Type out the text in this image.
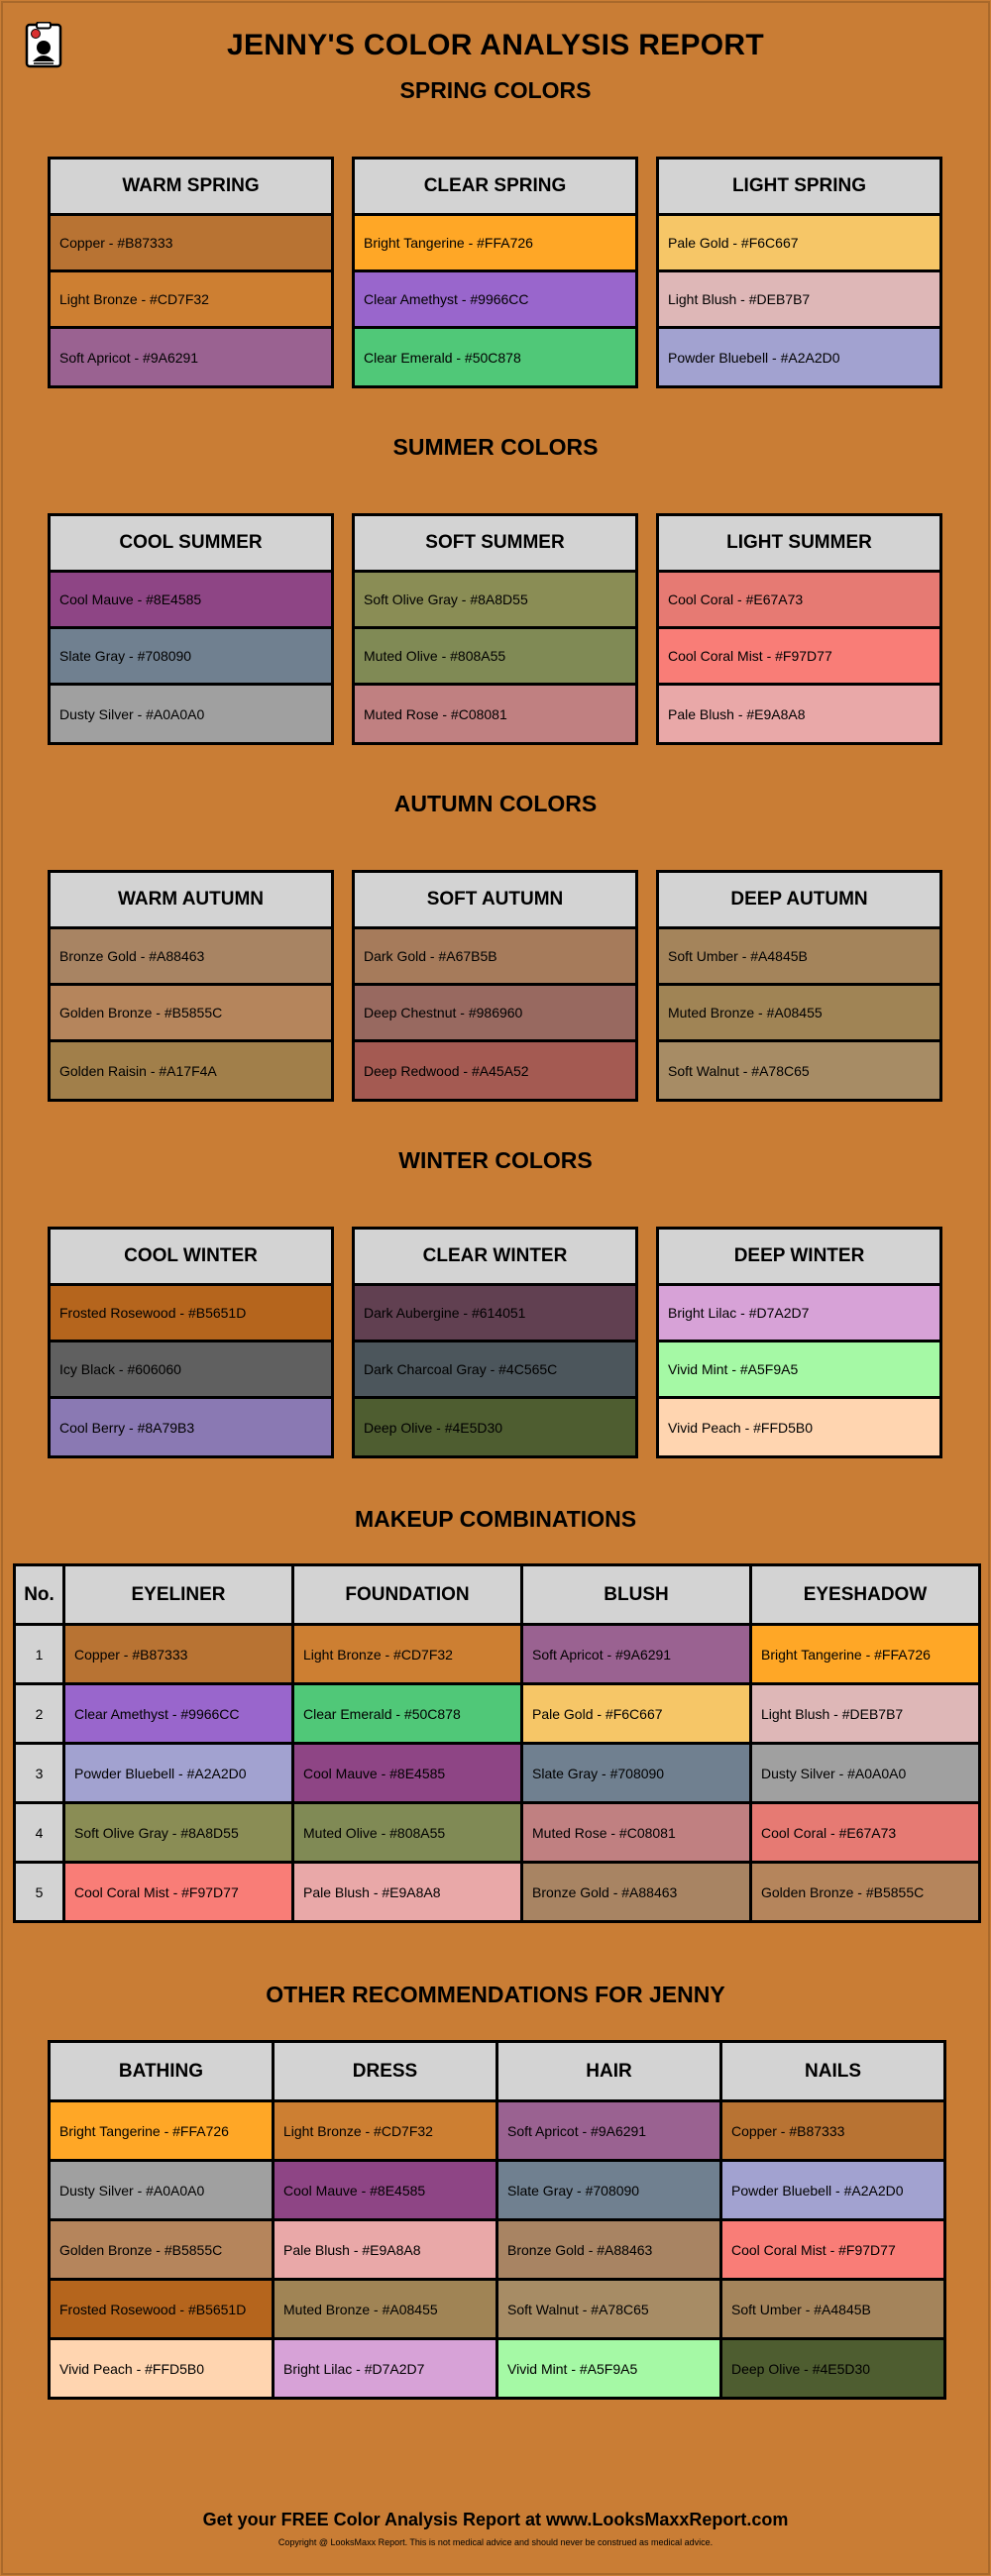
JENNY'S COLOR ANALYSIS REPORT
SPRING COLORS
WARM SPRING
Copper - #B87333
Light Bronze - #CD7F32
Soft Apricot - #9A6291
CLEAR SPRING
Bright Tangerine - #FFA726
Clear Amethyst - #9966CC
Clear Emerald - #50C878
LIGHT SPRING
Pale Gold - #F6C667
Light Blush - #DEB7B7
Powder Bluebell - #A2A2D0
SUMMER COLORS
COOL SUMMER
Cool Mauve - #8E4585
Slate Gray - #708090
Dusty Silver - #A0A0A0
SOFT SUMMER
Soft Olive Gray - #8A8D55
Muted Olive - #808A55
Muted Rose - #C08081
LIGHT SUMMER
Cool Coral - #E67A73
Cool Coral Mist - #F97D77
Pale Blush - #E9A8A8
AUTUMN COLORS
WARM AUTUMN
Bronze Gold - #A88463
Golden Bronze - #B5855C
Golden Raisin - #A17F4A
SOFT AUTUMN
Dark Gold - #A67B5B
Deep Chestnut - #986960
Deep Redwood - #A45A52
DEEP AUTUMN
Soft Umber - #A4845B
Muted Bronze - #A08455
Soft Walnut - #A78C65
WINTER COLORS
COOL WINTER
Frosted Rosewood - #B5651D
Icy Black - #606060
Cool Berry - #8A79B3
CLEAR WINTER
Dark Aubergine - #614051
Dark Charcoal Gray - #4C565C
Deep Olive - #4E5D30
DEEP WINTER
Bright Lilac - #D7A2D7
Vivid Mint - #A5F9A5
Vivid Peach - #FFD5B0
MAKEUP COMBINATIONS
No.	EYELINER	FOUNDATION	BLUSH	EYESHADOW
1	Copper - #B87333	Light Bronze - #CD7F32	Soft Apricot - #9A6291	Bright Tangerine - #FFA726
2	Clear Amethyst - #9966CC	Clear Emerald - #50C878	Pale Gold - #F6C667	Light Blush - #DEB7B7
3	Powder Bluebell - #A2A2D0	Cool Mauve - #8E4585	Slate Gray - #708090	Dusty Silver - #A0A0A0
4	Soft Olive Gray - #8A8D55	Muted Olive - #808A55	Muted Rose - #C08081	Cool Coral - #E67A73
5	Cool Coral Mist - #F97D77	Pale Blush - #E9A8A8	Bronze Gold - #A88463	Golden Bronze - #B5855C
OTHER RECOMMENDATIONS FOR JENNY
BATHING	DRESS	HAIR	NAILS
Bright Tangerine - #FFA726	Light Bronze - #CD7F32	Soft Apricot - #9A6291	Copper - #B87333
Dusty Silver - #A0A0A0	Cool Mauve - #8E4585	Slate Gray - #708090	Powder Bluebell - #A2A2D0
Golden Bronze - #B5855C	Pale Blush - #E9A8A8	Bronze Gold - #A88463	Cool Coral Mist - #F97D77
Frosted Rosewood - #B5651D	Muted Bronze - #A08455	Soft Walnut - #A78C65	Soft Umber - #A4845B
Vivid Peach - #FFD5B0	Bright Lilac - #D7A2D7	Vivid Mint - #A5F9A5	Deep Olive - #4E5D30
Get your FREE Color Analysis Report at www.LooksMaxxReport.com
Copyright @ LooksMaxx Report. This is not medical advice and should never be construed as medical advice.
